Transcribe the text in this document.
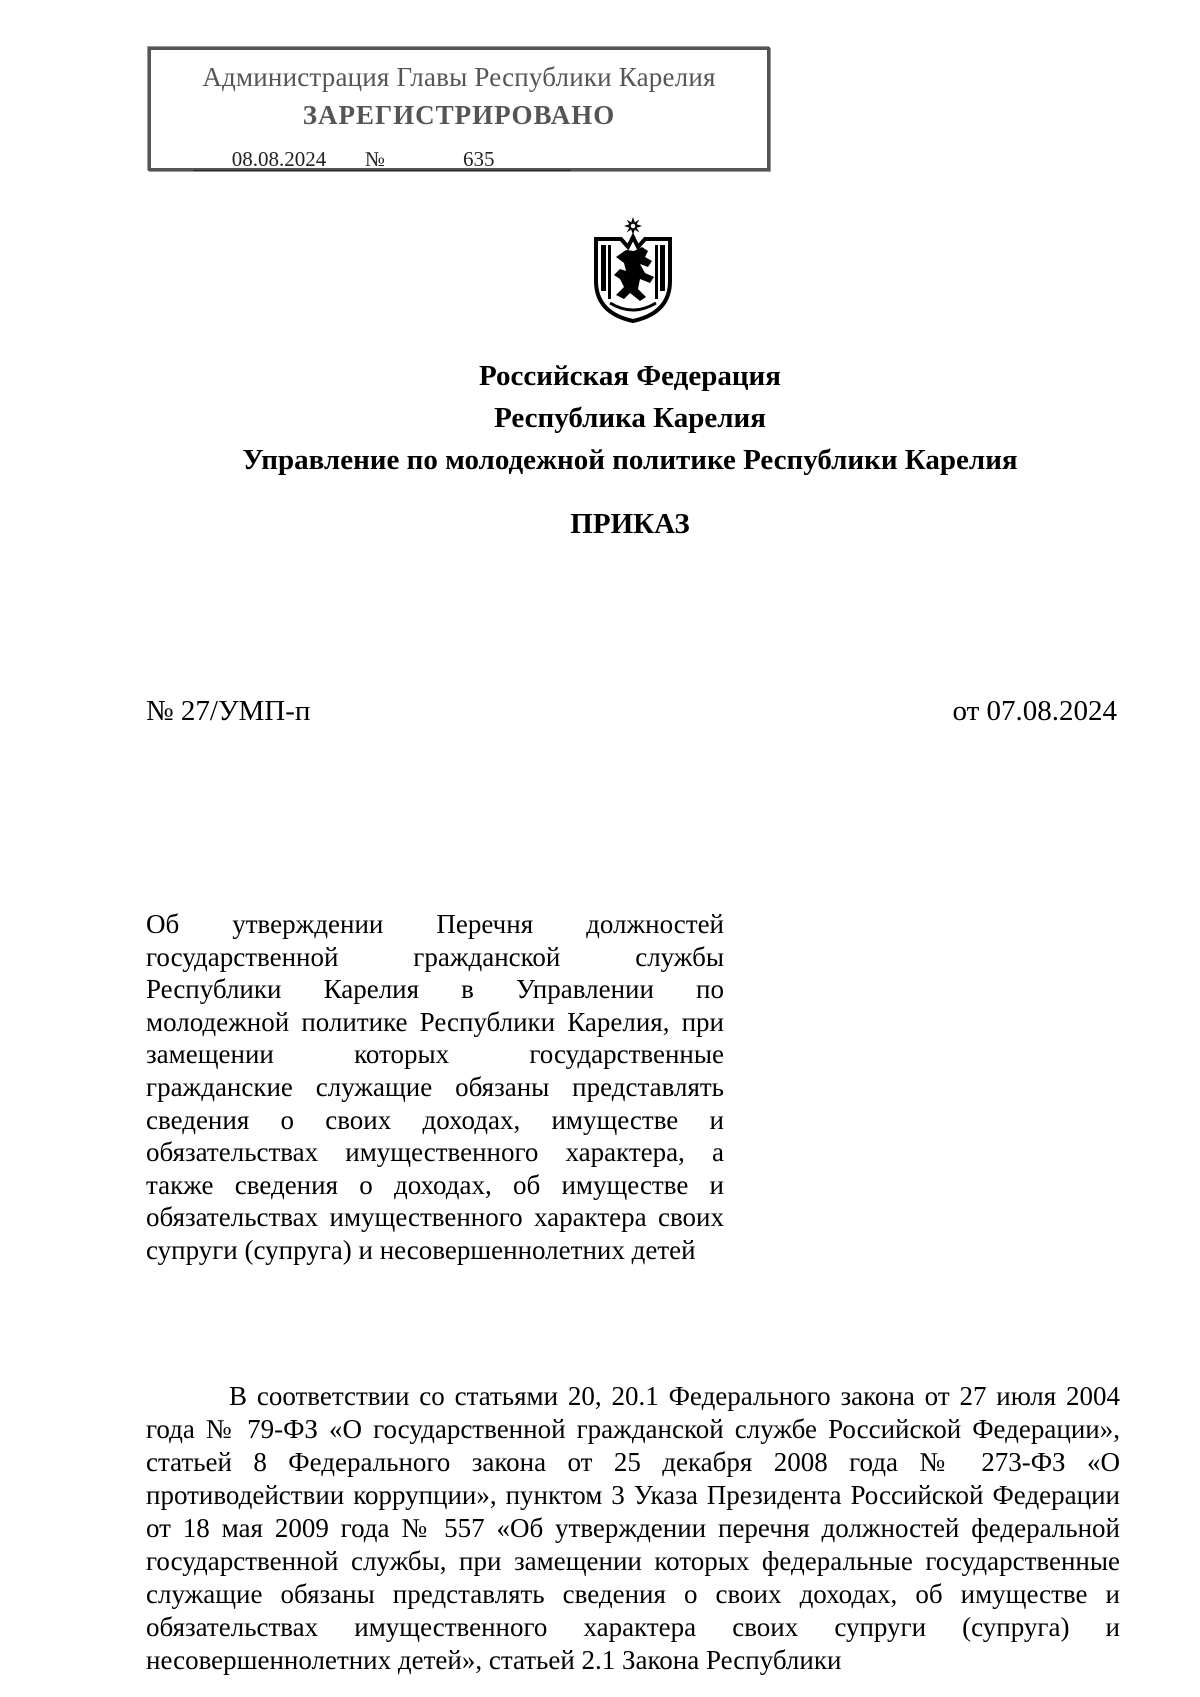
Администрация Главы Республики Карелия
ЗАРЕГИСТРИРОВАНО
08.08.2024 №	635
Российская Федерация
Республика Карелия
Управление по молодежной политике Республики Карелия
ПРИКАЗ
№ 27/УМП-п	от 07.08.2024
Об утверждении Перечня должностей государственной гражданской службы Республики Карелия в Управлении по молодежной политике Республики Карелия, при замещении которых государственные гражданские служащие обязаны представлять сведения о своих доходах, имуществе и обязательствах имущественного характера, а также сведения о доходах, об имуществе и обязательствах имущественного характера своих супруги (супруга) и несовершеннолетних детей
В соответствии со статьями 20, 20.1 Федерального закона от 27 июля 2004 года № 79-ФЗ «О государственной гражданской службе Российской Федерации», статьей 8 Федерального закона от 25 декабря 2008 года № 273-ФЗ «О противодействии коррупции», пунктом 3 Указа Президента Российской Федерации от 18 мая 2009 года № 557 «Об утверждении перечня должностей федеральной государственной службы, при замещении которых федеральные государственные служащие обязаны представлять сведения о своих доходах, об имуществе и обязательствах имущественного характера своих супруги (супруга) и несовершеннолетних детей», статьей 2.1 Закона Республики
